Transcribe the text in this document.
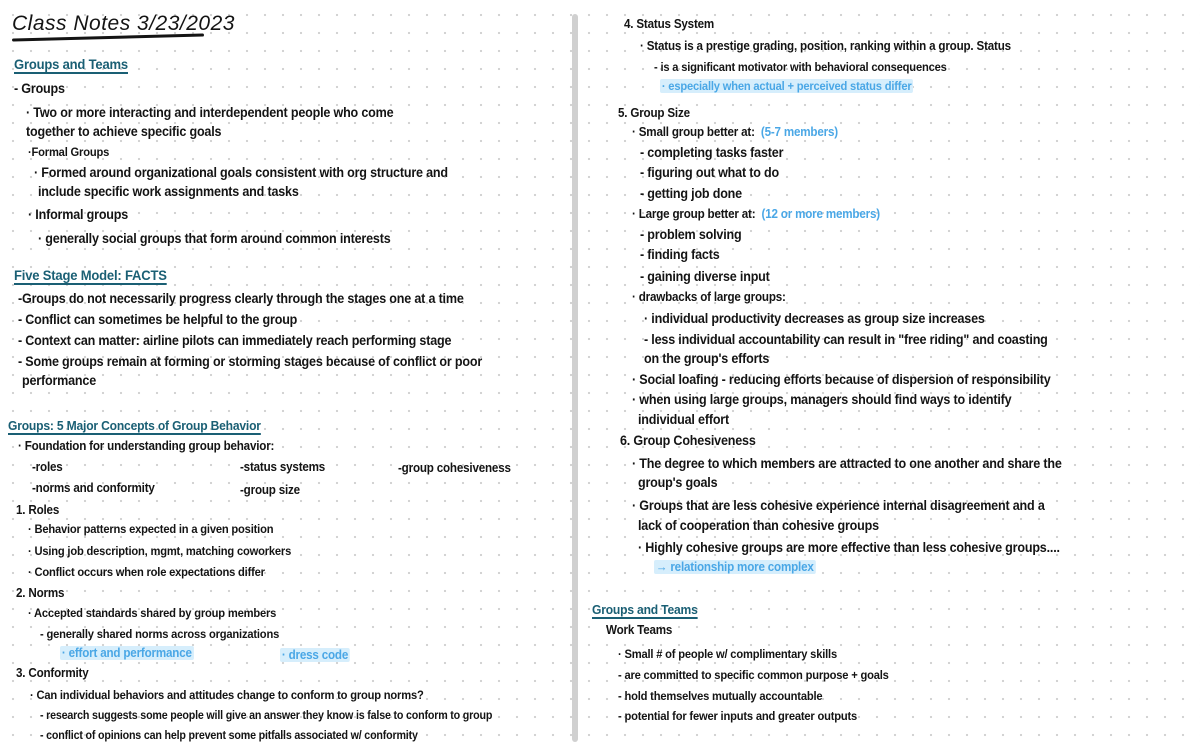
Class Notes 3/23/2023
Groups and Teams
- Groups
· Two or more interacting and interdependent people who come
together to achieve specific goals
·Formal Groups
· Formed around organizational goals consistent with org structure and
include specific work assignments and tasks
· Informal groups
· generally social groups that form around common interests
Five Stage Model: FACTS
-Groups do not necessarily progress clearly through the stages one at a time
- Conflict can sometimes be helpful to the group
- Context can matter: airline pilots can immediately reach performing stage
- Some groups remain at forming or storming stages because of conflict or poor
performance
Groups: 5 Major Concepts of Group Behavior
· Foundation for understanding group behavior:
-roles	-status systems	-group cohesiveness
-norms and conformity	-group size
1. Roles
· Behavior patterns expected in a given position
· Using job description, mgmt, matching coworkers
· Conflict occurs when role expectations differ
2. Norms
· Accepted standards shared by group members
- generally shared norms across organizations
· effort and performance	· dress code
3. Conformity
· Can individual behaviors and attitudes change to conform to group norms?
- research suggests some people will give an answer they know is false to conform to group
- conflict of opinions can help prevent some pitfalls associated w/ conformity
4. Status System
· Status is a prestige grading, position, ranking within a group. Status
- is a significant motivator with behavioral consequences
· especially when actual + perceived status differ
5. Group Size
· Small group better at: (5-7 members)
- completing tasks faster
- figuring out what to do
- getting job done
· Large group better at: (12 or more members)
- problem solving
- finding facts
- gaining diverse input
· drawbacks of large groups:
· individual productivity decreases as group size increases
- less individual accountability can result in "free riding" and coasting
on the group's efforts
· Social loafing - reducing efforts because of dispersion of responsibility
· when using large groups, managers should find ways to identify
individual effort
6. Group Cohesiveness
· The degree to which members are attracted to one another and share the
group's goals
· Groups that are less cohesive experience internal disagreement and a
lack of cooperation than cohesive groups
· Highly cohesive groups are more effective than less cohesive groups....
→ relationship more complex
Groups and Teams
Work Teams
· Small # of people w/ complimentary skills
- are committed to specific common purpose + goals
- hold themselves mutually accountable
- potential for fewer inputs and greater outputs
